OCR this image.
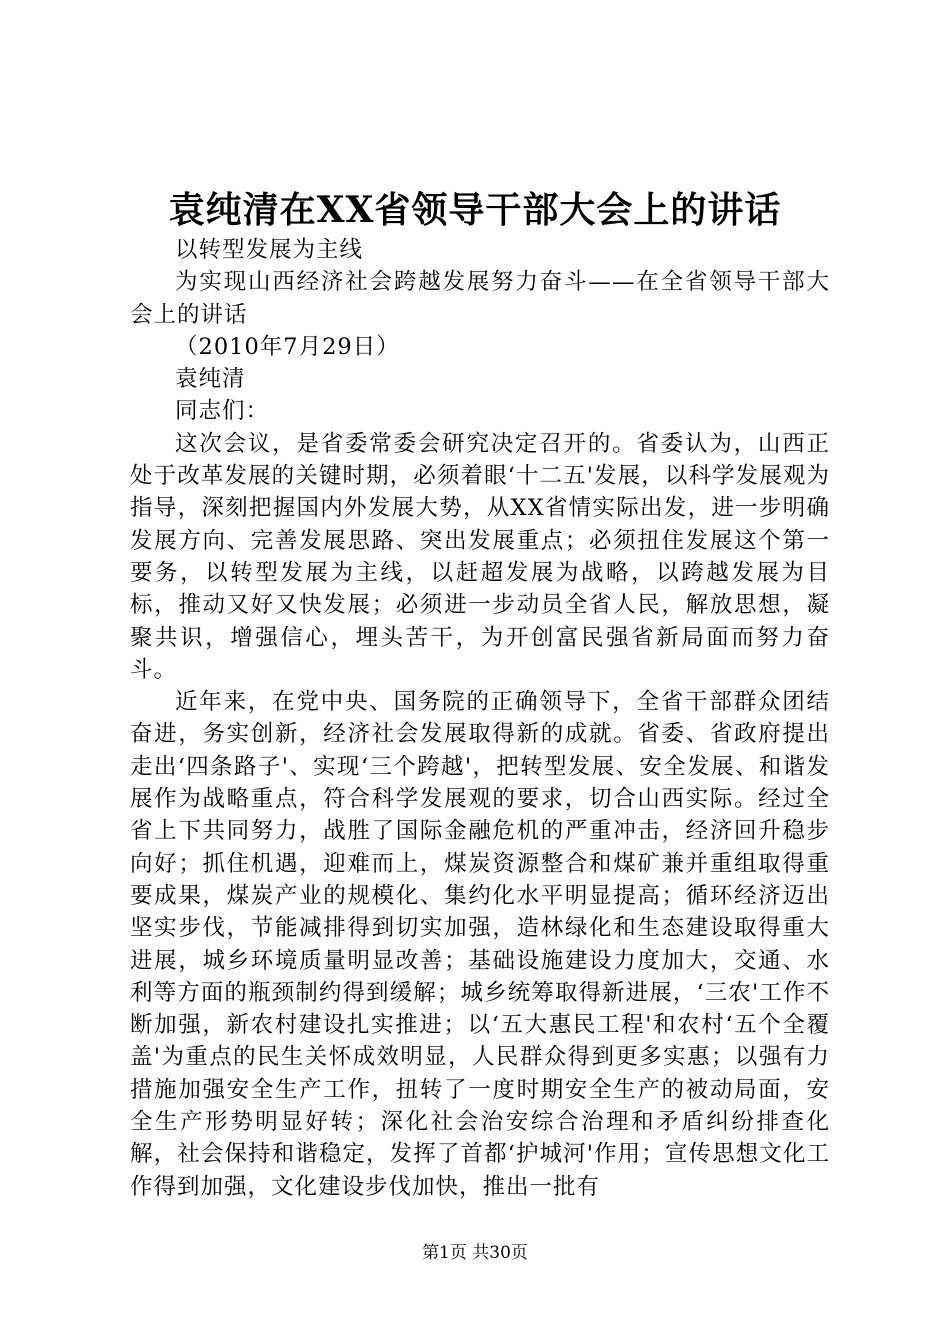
袁纯清在XX省领导干部大会上的讲话

以转型发展为主线

为实现山西经济社会跨越发展努力奋斗——在全省领导干部大会上的讲话

（2010年7月29日）

袁纯清

同志们：

这次会议，是省委常委会研究决定召开的。省委认为，山西正处于改革发展的关键时期，必须着眼‘十二五'发展，以科学发展观为指导，深刻把握国内外发展大势，从XX省情实际出发，进一步明确发展方向、完善发展思路、突出发展重点；必须扭住发展这个第一要务，以转型发展为主线，以赶超发展为战略，以跨越发展为目标，推动又好又快发展；必须进一步动员全省人民，解放思想，凝聚共识，增强信心，埋头苦干，为开创富民强省新局面而努力奋斗。

近年来，在党中央、国务院的正确领导下，全省干部群众团结奋进，务实创新，经济社会发展取得新的成就。省委、省政府提出走出‘四条路子'、实现‘三个跨越'，把转型发展、安全发展、和谐发展作为战略重点，符合科学发展观的要求，切合山西实际。经过全省上下共同努力，战胜了国际金融危机的严重冲击，经济回升稳步向好；抓住机遇，迎难而上，煤炭资源整合和煤矿兼并重组取得重要成果，煤炭产业的规模化、集约化水平明显提高；循环经济迈出坚实步伐，节能减排得到切实加强，造林绿化和生态建设取得重大进展，城乡环境质量明显改善；基础设施建设力度加大，交通、水利等方面的瓶颈制约得到缓解；城乡统筹取得新进展，‘三农'工作不断加强，新农村建设扎实推进；以‘五大惠民工程'和农村‘五个全覆盖'为重点的民生关怀成效明显，人民群众得到更多实惠；以强有力措施加强安全生产工作，扭转了一度时期安全生产的被动局面，安全生产形势明显好转；深化社会治安综合治理和矛盾纠纷排查化解，社会保持和谐稳定，发挥了首都‘护城河'作用；宣传思想文化工作得到加强，文化建设步伐加快，推出一批有

第1页 共30页
